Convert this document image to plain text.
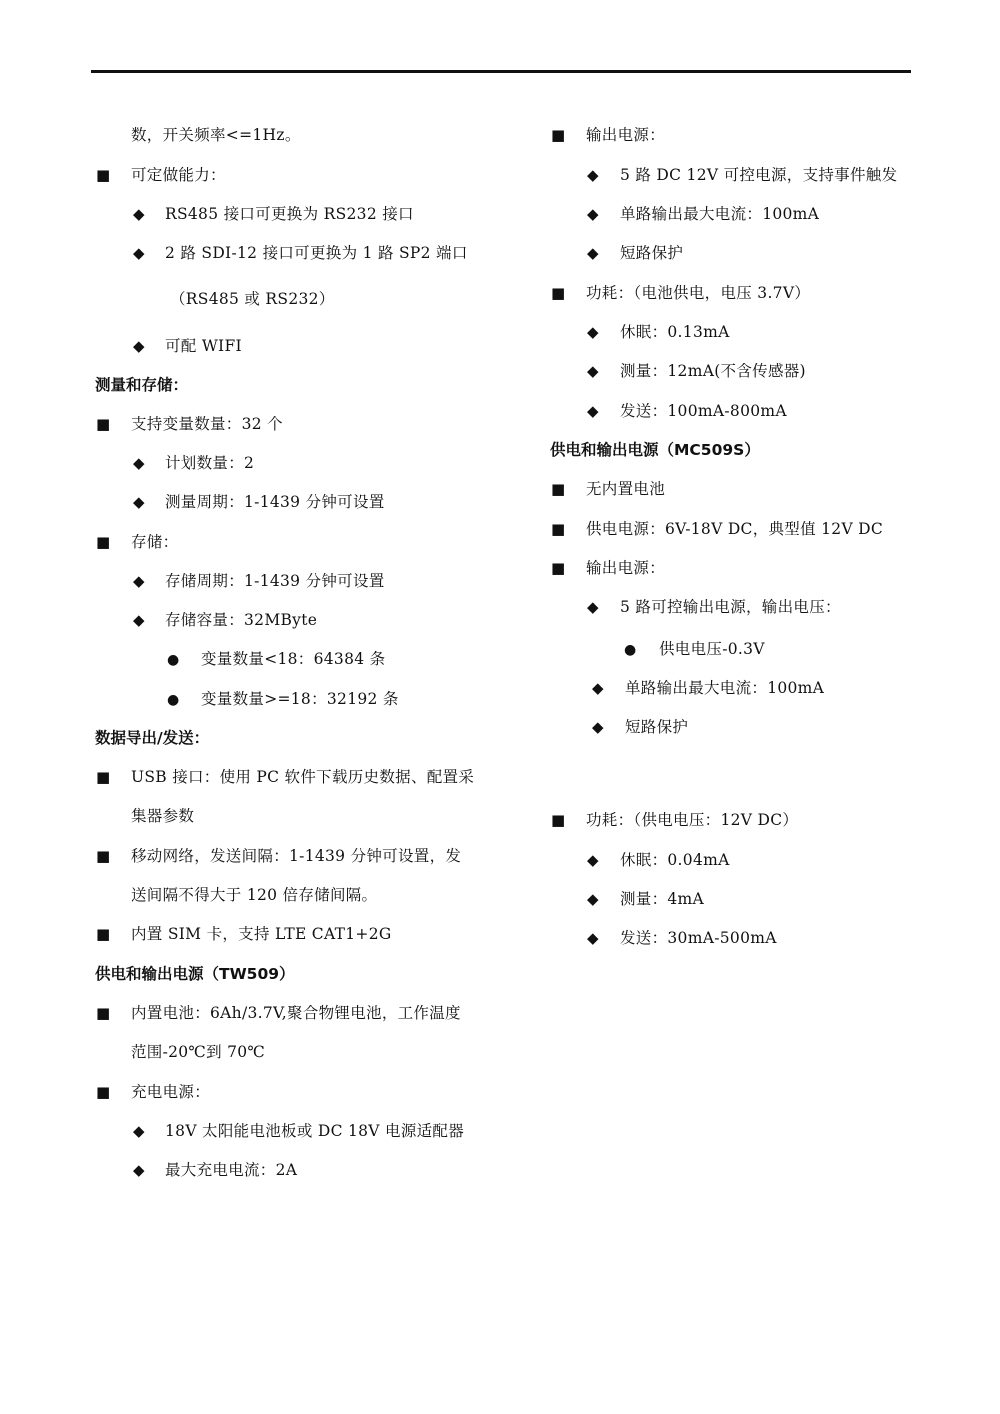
数，开关频率<=1Hz。
■
可定做能力：
◆
RS485 接口可更换为 RS232 接口
◆
2 路 SDI-12 接口可更换为 1 路 SP2 端口
（RS485 或 RS232）
◆
可配 WIFI
测量和存储：
■
支持变量数量：32 个
◆
计划数量：2
◆
测量周期：1-1439 分钟可设置
■
存储：
◆
存储周期：1-1439 分钟可设置
◆
存储容量：32MByte
●
变量数量<18：64384 条
●
变量数量>=18：32192 条
数据导出/发送：
■
USB 接口：使用 PC 软件下载历史数据、配置采
集器参数
■
移动网络，发送间隔：1-1439 分钟可设置，发
送间隔不得大于 120 倍存储间隔。
■
内置 SIM 卡，支持 LTE CAT1+2G
供电和输出电源（TW509）
■
内置电池：6Ah/3.7V,聚合物锂电池，工作温度
范围-20℃到 70℃
■
充电电源：
◆
18V 太阳能电池板或 DC 18V 电源适配器
◆
最大充电电流：2A
■
输出电源：
◆
5 路 DC 12V 可控电源，支持事件触发
◆
单路输出最大电流：100mA
◆
短路保护
■
功耗：（电池供电，电压 3.7V）
◆
休眠：0.13mA
◆
测量：12mA(不含传感器)
◆
发送：100mA-800mA
供电和输出电源（MC509S）
■
无内置电池
■
供电电源：6V-18V DC，典型值 12V DC
■
输出电源：
◆
5 路可控输出电源，输出电压：
●
供电电压-0.3V
◆
单路输出最大电流：100mA
◆
短路保护
■
功耗：（供电电压：12V DC）
◆
休眠：0.04mA
◆
测量：4mA
◆
发送：30mA-500mA
